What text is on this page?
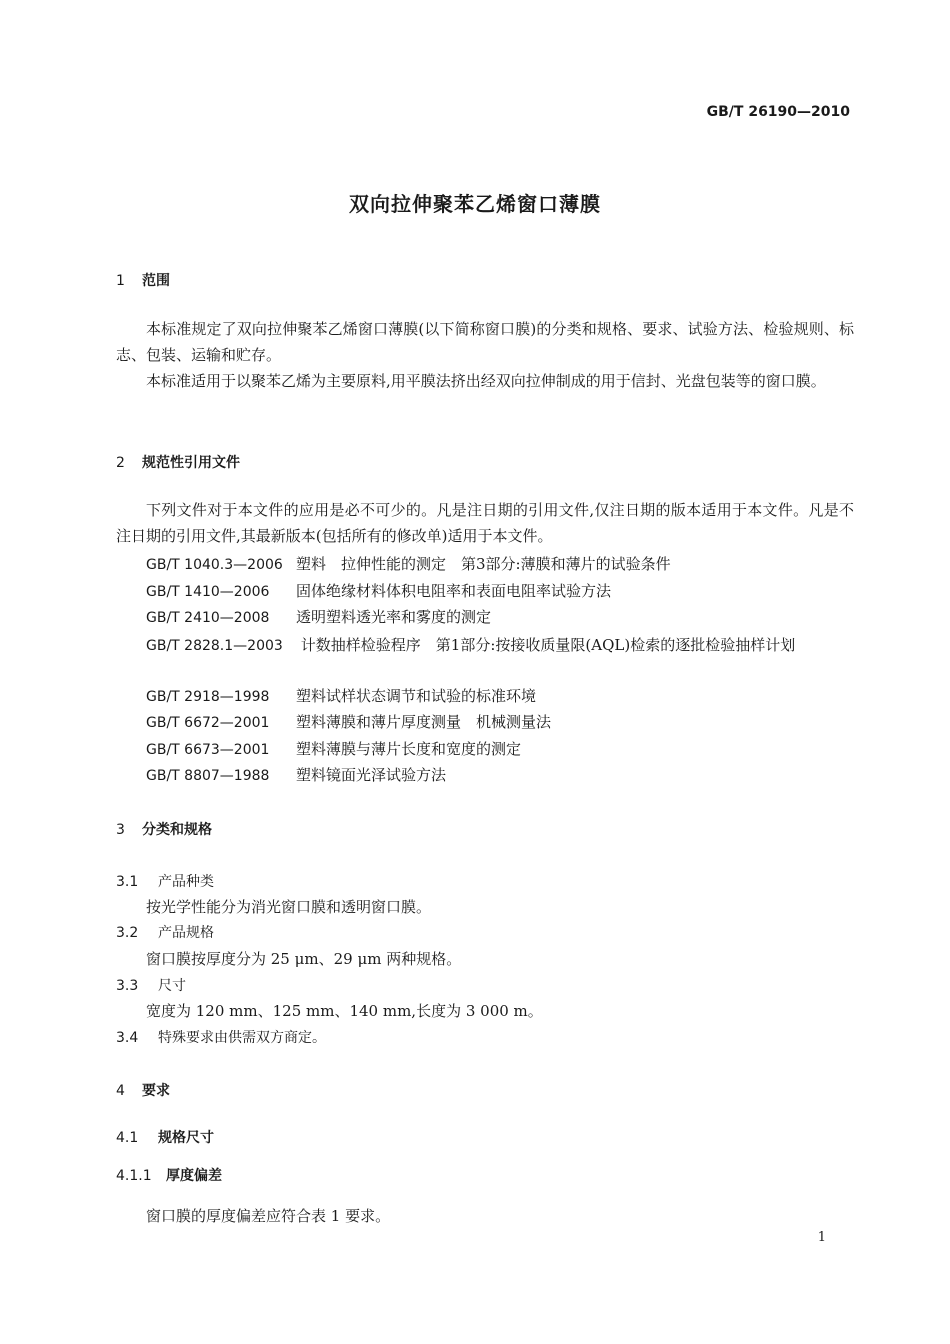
GB/T 26190—2010
双向拉伸聚苯乙烯窗口薄膜
1 范围
本标准规定了双向拉伸聚苯乙烯窗口薄膜(以下简称窗口膜)的分类和规格、要求、试验方法、检验规则、标志、包装、运输和贮存。
本标准适用于以聚苯乙烯为主要原料,用平膜法挤出经双向拉伸制成的用于信封、光盘包装等的窗口膜。
2 规范性引用文件
下列文件对于本文件的应用是必不可少的。凡是注日期的引用文件,仅注日期的版本适用于本文件。凡是不注日期的引用文件,其最新版本(包括所有的修改单)适用于本文件。
GB/T 1040.3—2006 塑料　拉伸性能的测定　第3部分:薄膜和薄片的试验条件
GB/T 1410—2006 固体绝缘材料体积电阻率和表面电阻率试验方法
GB/T 2410—2008 透明塑料透光率和雾度的测定
GB/T 2828.1—2003 计数抽样检验程序　第1部分:按接收质量限(AQL)检索的逐批检验抽样计划
GB/T 2918—1998 塑料试样状态调节和试验的标准环境
GB/T 6672—2001 塑料薄膜和薄片厚度测量　机械测量法
GB/T 6673—2001 塑料薄膜与薄片长度和宽度的测定
GB/T 8807—1988 塑料镜面光泽试验方法
3 分类和规格
3.1 产品种类
按光学性能分为消光窗口膜和透明窗口膜。
3.2 产品规格
窗口膜按厚度分为 25 μm、29 μm 两种规格。
3.3 尺寸
宽度为 120 mm、125 mm、140 mm,长度为 3 000 m。
3.4 特殊要求由供需双方商定。
4 要求
4.1 规格尺寸
4.1.1 厚度偏差
窗口膜的厚度偏差应符合表 1 要求。
1
